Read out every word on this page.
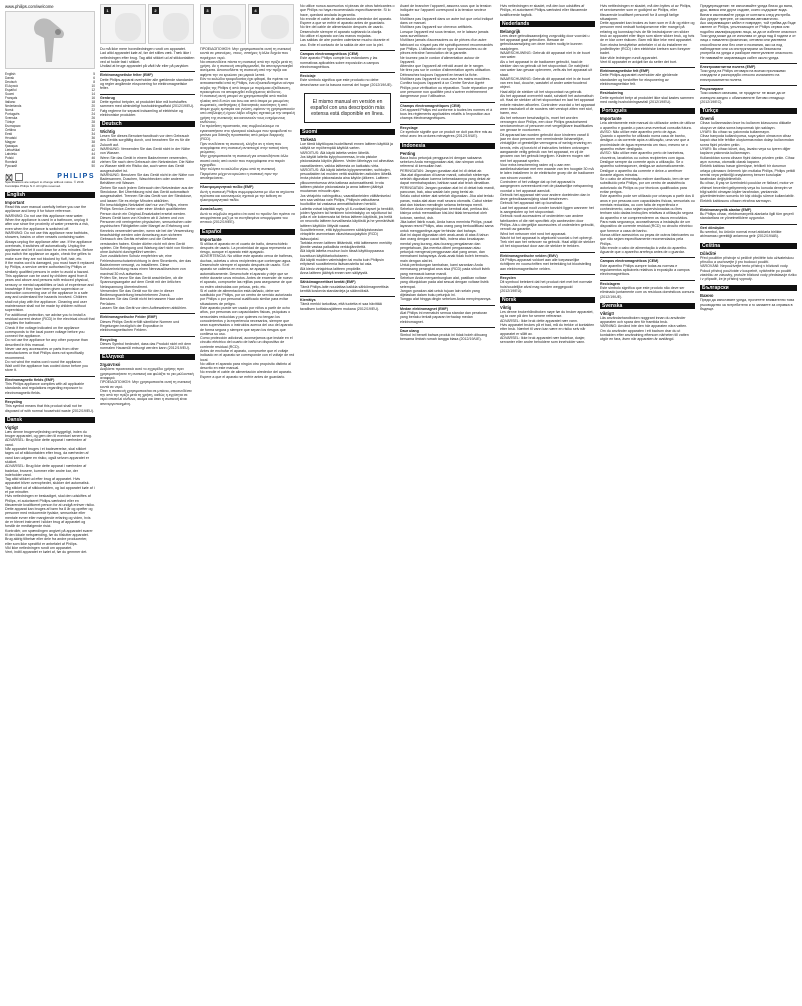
www.philips.com/welcome
English	5
Dansk	6
Deutsch	8
Ελληνικά	10
Español	12
Suomi	14
Français	16
Italiano	18
Nederlands	20
Norsk	22
Português	24
Svenska	26
Türkçe	28
Български	30
Čeština	32
Eesti	34
Hrvatski	36
Magyar	38
Қазақша	40
Lietuviškai	42
Latviešu	44
Polski	46
Română	48
Русский	50
PHILIPS
Specifications are subject to change without notice. © 2016 Koninklijke Philips N.V. All rights reserved.
English
Important
Read this user manual carefully before you use the appliance and keep it for future reference.
WARNING: Do not use this appliance near water.
When the appliance is used in a bathroom, unplug it after use since the proximity of water presents a risk, even when the appliance is switched off.
WARNING: Do not use this appliance near bathtubs, showers, basins or other vessels containing water.
Always unplug the appliance after use. If the appliance overheats, it switches off automatically. Unplug the appliance and let it cool down for a few minutes. Before you switch the appliance on again, check the grilles to make sure they are not blocked by fluff, hair, etc.
If the mains cord is damaged, you must have it replaced by Philips, a service centre authorised by Philips or similarly qualified persons in order to avoid a hazard.
This appliance can be used by children aged from 8 years and above and persons with reduced physical, sensory or mental capabilities or lack of experience and knowledge if they have been given supervision or instruction concerning use of the appliance in a safe way and understand the hazards involved. Children shall not play with the appliance. Cleaning and user maintenance shall not be made by children without supervision.
For additional protection, we advise you to install a residual current device (RCD) in the electrical circuit that supplies the bathroom.
Check if the voltage indicated on the appliance corresponds to the local power voltage before you connect the appliance.
Do not use the appliance for any other purpose than described in this manual.
Never use any accessories or parts from other manufacturers or that Philips does not specifically recommend.
Do not wind the mains cord round the appliance.
Wait until the appliance has cooled down before you store it.
Electromagnetic fields (EMF)
This Philips appliance complies with all applicable standards and regulations regarding exposure to electromagnetic fields.
Recycling
This symbol means that this product shall not be disposed of with normal household waste (2012/19/EU).
Dansk
Vigtigt
Læs denne brugervejledning omhyggeligt, inden du bruger apparatet, og gem den til eventuel senere brug.
ADVARSEL: Brug ikke dette apparat i nærheden af vand.
Når apparatet bruges i et badeværelse, skal stikket tages ud af stikkontakten efter brug, da nærheden af vand kan udgøre en risiko, også selvom apparatet er slukket.
ADVARSEL: Brug ikke dette apparat i nærheden af badekar, brusere, kummer eller andre kar, der indeholder vand.
Tag altid stikket ud efter brug af apparatet. Hvis apparatet bliver overophedet, slukker det automatisk. Tag stikket ud af stikkontakten, og lad apparatet køle af i et par minutter.
Hvis netledningen er beskadiget, skal den udskiftes af Philips, et autoriseret Philips-værksted eller en tilsvarende kvalificeret person for at undgå enhver risiko.
Dette apparat kan bruges af børn fra 8 år og opefter og personer med reducerede fysiske, sensoriske eller mentale evner eller manglende erfaring og viden, hvis de er blevet instrueret i sikker brug af apparatet og forstår de medfølgende risici.
Kontrollér, om spændingen angivet på apparatet svarer til den lokale netspænding, før du tilslutter apparatet.
Brug aldrig tilbehør eller dele fra andre producenter, eller som ikke specifikt er anbefalet af Philips.
Vikl ikke netledningen rundt om apparatet.
Vent, indtil apparatet er kølet af, før du gemmer det.
1	2
Du må ikke mere hovedledningen rundt om apparatet.
Lad altid apparatet køle af, før det stilles væk. Træk ikke i netledningen efter brug. Tag altid stikket ud af stikkontakten ved at holde fast i stikket.
Undlad at bruge apparatet på vådt hår eller på parykker.
Elektromagnetiske felter (EMF)
Dette Philips-apparat overholder alle gældende standarder og regler angående eksponering for elektromagnetiske felter.
Genbrug
Dette symbol betyder, at produktet ikke må bortskaffes sammen med almindeligt husholdningsaffald (2012/19/EU). Følg reglerne for separat indsamling af elektriske og elektroniske produkter.
Deutsch
Wichtig
Lesen Sie dieses Benutzerhandbuch vor dem Gebrauch des Geräts sorgfältig durch, und bewahren Sie es für die Zukunft auf.
WARNUNG: Verwenden Sie das Gerät nicht in der Nähe von Wasser.
Wenn Sie das Gerät in einem Badezimmer verwenden, ziehen Sie nach dem Gebrauch den Netzstecker. Die Nähe zu Wasser stellt ein Risiko dar, auch wenn das Gerät ausgeschaltet ist.
WARNUNG: Benutzen Sie das Gerät nicht in der Nähe von Badewannen, Duschen, Waschbecken oder anderen Behältern mit Wasser.
Ziehen Sie nach jedem Gebrauch den Netzstecker aus der Steckdose. Bei Überhitzung wird das Gerät automatisch ausgeschaltet. Trennen Sie das Gerät von der Steckdose, und lassen Sie es einige Minuten abkühlen.
Ein beschädigtes Netzkabel darf nur von Philips, einem Philips Service-Center oder einer ähnlich qualifizierten Person durch ein Original-Ersatzkabel ersetzt werden.
Dieses Gerät kann von Kindern ab 8 Jahren und von Personen mit verringerten physischen, sensorischen oder psychischen Fähigkeiten oder Mangel an Erfahrung und Kenntnis verwendet werden, wenn sie bei der Verwendung beaufsichtigt werden oder Anweisung zum sicheren Gebrauch des Geräts erhalten und die Gefahren verstanden haben. Kinder dürfen nicht mit dem Gerät spielen. Die Reinigung und Wartung darf nicht von Kindern ohne Aufsicht durchgeführt werden.
Zum zusätzlichen Schutz empfehlen wir, eine Fehlerstromschutzeinrichtung in dem Stromkreis, der das Badezimmer versorgt, zu installieren. Diese Schutzeinrichtung muss einen Nennauslösestrom von maximal 30 mA aufweisen.
Prüfen Sie, bevor Sie das Gerät anschließen, ob die Spannungsangabe auf dem Gerät mit der örtlichen Netzspannung übereinstimmt.
Verwenden Sie das Gerät nur für den in dieser Bedienungsanleitung beschriebenen Zweck.
Benutzen Sie das Gerät nicht bei nassem Haar oder Perücken.
Lassen Sie das Gerät vor dem Aufbewahren abkühlen.
Elektromagnetische Felder (EMF)
Dieses Philips Gerät erfüllt sämtliche Normen und Regelungen bezüglich der Exposition in elektromagnetischen Feldern.
Recycling
Dieses Symbol bedeutet, dass das Produkt nicht mit dem normalen Hausmüll entsorgt werden kann (2012/19/EU).
Ελληνικά
Σημαντικό
Διαβάστε προσεκτικά αυτό το εγχειρίδιο χρήσης πριν χρησιμοποιήσετε τη συσκευή και φυλάξτε το για μελλοντική αναφορά.
ΠΡΟΕΙΔΟΠΟΙΗΣΗ: Μην χρησιμοποιείτε αυτή τη συσκευή κοντά σε νερό.
Όταν η συσκευή χρησιμοποιείται σε μπάνιο, αποσυνδέστε την από την πρίζα μετά τη χρήση, καθώς η εγγύτητα σε νερό αποτελεί κίνδυνο, ακόμα και όταν η συσκευή είναι απενεργοποιημένη.
3	4
ΠΡΟΕΙΔΟΠΟΙΗΣΗ: Μην χρησιμοποιείτε αυτή τη συσκευή κοντά σε μπανιέρες, ντους, νιπτήρες ή άλλα δοχεία που περιέχουν νερό.
Να αποσυνδέετε πάντα τη συσκευή από την πρίζα μετά τη χρήση. Αν η συσκευή υπερθερμανθεί, θα απενεργοποιηθεί αυτόματα. Αποσυνδέστε τη συσκευή από την πρίζα και αφήστε την να κρυώσει για μερικά λεπτά.
Εάν το καλώδιο τροφοδοσίας έχει φθαρεί, θα πρέπει να αντικατασταθεί από τη Philips, ένα εξουσιοδοτημένο κέντρο σέρβις της Philips ή από άτομα με παρόμοια εξειδίκευση, προκειμένου να αποφευχθεί ενδεχόμενος κίνδυνος.
Η συσκευή αυτή μπορεί να χρησιμοποιηθεί από παιδιά ηλικίας από 8 ετών και άνω και από άτομα με μειωμένες σωματικές, αισθητήριες ή διανοητικές ικανότητες ή από άτομα χωρίς εμπειρία και γνώση, εφόσον τη χρησιμοποιούν υπό επίβλεψη ή έχουν λάβει οδηγίες σχετικά με την ασφαλή χρήση της συσκευής και κατανοούν τους ενεχόμενους κινδύνους.
Για πρόσθετη προστασία, σας συμβουλεύουμε να εγκαταστήσετε στο ηλεκτρικό κύκλωμα που τροφοδοτεί το μπάνιο μια διάταξη προστασίας από ρεύμα διαρροής (RCD).
Πριν συνδέσετε τη συσκευή, ελέγξτε αν η τάση που αναγράφεται στη συσκευή αντιστοιχεί στην τοπική τάση ρεύματος.
Μην χρησιμοποιείτε τη συσκευή για οποιονδήποτε άλλο σκοπό εκτός από αυτόν που περιγράφεται στο παρόν εγχειρίδιο.
Μην τυλίγετε το καλώδιο γύρω από τη συσκευή.
Περιμένετε μέχρι να κρυώσει η συσκευή πριν την αποθηκεύσετε.
Ηλεκτρομαγνητικά πεδία (EMF)
Αυτή η συσκευή Philips συμμορφώνεται με όλα τα ισχύοντα πρότυπα και κανονισμούς σχετικά με την έκθεση σε ηλεκτρομαγνητικά πεδία.
Ανακύκλωση
Αυτό το σύμβολο σημαίνει ότι αυτό το προϊόν δεν πρέπει να απορρίπτεται μαζί με τα συνηθισμένα απορρίμματα του σπιτιού (2012/19/ΕΕ).
Español
Importante
Si utiliza el aparato en el cuarto de baño, desenchúfelo después de usarlo. La proximidad de agua representa un riesgo, aunque el aparato esté apagado.
ADVERTENCIA: No utilice este aparato cerca de bañeras, duchas, cubetas u otros recipientes que contengan agua.
Desenchufe siempre el aparato después de usarlo. Si el aparato se calienta en exceso, se apagará automáticamente. Desenchufe el aparato y deje que se enfríe durante unos minutos. Antes de encender de nuevo el aparato, compruebe las rejillas para asegurarse de que no estén obstruidas con pelusa, pelo, etc.
Si el cable de alimentación está dañado, debe ser sustituido por Philips, por un centro de servicio autorizado por Philips o por personal cualificado similar para evitar situaciones de peligro.
Este aparato puede ser usado por niños a partir de ocho años, por personas con capacidades físicas, psíquicas o sensoriales reducidas y por quienes no tengan los conocimientos y la experiencia necesarios, siempre que sean supervisados o instruidos acerca del uso del aparato de forma segura y siempre que sepan los riesgos que conlleva su uso.
Como protección adicional, aconsejamos que instale en el circuito eléctrico del cuarto de baño un dispositivo de corriente residual (RCD).
Antes de enchufar el aparato, compruebe que el voltaje indicado en el aparato se corresponde con el voltaje de red local.
No utilice el aparato para ningún otro propósito distinto al descrito en este manual.
No enrolle el cable de alimentación alrededor del aparato.
Espere a que el aparato se enfríe antes de guardarlo.
No utilice nunca accesorios ni piezas de otros fabricantes o que Philips no haya recomendado específicamente. Si lo hace, quedará anulada la garantía.
No enrolle el cable de alimentación alrededor del aparato.
Espere a que se enfríe el aparato antes de guardarlo.
No tire del cable de alimentación después de usarlo. Desenchufe siempre el aparato sujetando la clavija.
No utilice el aparato con las manos mojadas.
Las salidas de aire pueden calentarse mucho durante el uso. Evite el contacto de la salida de aire con la piel.
Campos electromagnéticos (CEM)
Este aparato Philips cumple los estándares y las normativas aplicables sobre exposición a campos electromagnéticos.
Reciclaje
Este símbolo significa que este producto no debe desecharse con la basura normal del hogar (2012/19/UE).
El mismo manual en versión en español con una descripción más extensa está disponible en línea.
Suomi
Tärkeää
Lue tämä käyttöopas huolellisesti ennen laitteen käyttöä ja säilytä se myöhempää käyttöä varten.
VAROITUS: Älä käytä laitetta veden lähellä.
Jos käytät laitetta kylpyhuoneessa, irrota pistoke pistorasiasta käytön jälkeen. Veden läheisyys voi aiheuttaa vaaratilanteen, vaikka laitteesta on katkaistu virta.
VAROITUS: Älä käytä laitetta kylpyammeiden, suihkujen, pesualtaiden tai muiden vettä sisältävien astioiden lähellä.
Irrota pistoke pistorasiasta aina käytön jälkeen. Laitteen ylikuumentuessa virta katkeaa automaattisesti. Irrota laitteen pistoke pistorasiasta ja anna laitteen jäähtyä muutaman minuutin ajan.
Jos virtajohto vahingoittuu, vaaratilanteiden välttämiseksi sen saa vaihtaa vain Philips, Philipsin valtuuttama huoltoliike tai vastaava ammattitaitoinen henkilö.
Laitetta voivat käyttää myös yli 8-vuotiaat lapset ja henkilöt, joiden fyysinen tai henkinen toimintakyky on rajoittunut tai joilla ei ole kokemusta tai tietoa laitteen käytöstä, jos heitä on neuvottu laitteen turvallisesta käytöstä ja he ymmärtävät laitteen käyttöön liittyvät vaarat.
Suosittelemme, että kylpyhuoneen sähköpistorasian virtapiiriin asennetaan vikavirtasuojakytkin (RCD) lisäsuojaksi.
Tarkista ennen laitteen liittämistä, että laitteeseen merkitty jännite vastaa paikallista verkkojännitettä.
Älä käytä laitetta muuhun kuin tässä käyttöoppaassa kuvattuun käyttötarkoitukseen.
Älä käytä muiden valmistajien tai muita kuin Philipsin erityisesti suosittelemia lisävarusteita tai osia.
Älä kiedo virtajohtoa laitteen ympärille.
Anna laitteen jäähtyä ennen sen säilytystä.
Sähkömagneettiset kentät (EMF)
Tämä Philips-laite noudattaa kaikkia sähkömagneettisia kenttiä koskevia standardeja ja säännöksiä.
Kierrätys
Tämä merkki tarkoittaa, että tuotetta ei saa hävittää tavallisen kotitalousjätteen mukana (2012/19/EU).
Avant de brancher l'appareil, assurez-vous que la tension indiquée sur l'appareil correspond à la tension secteur locale.
N'utilisez pas l'appareil dans un autre but que celui indiqué dans ce manuel.
N'utilisez pas l'appareil sur cheveux artificiels.
Lorsque l'appareil est sous tension, ne le laissez jamais sans surveillance.
N'utilisez jamais d'accessoires ou de pièces d'un autre fabricant ou n'ayant pas été spécifiquement recommandés par Philips. L'utilisation de ce type d'accessoires ou de pièces entraîne l'annulation de la garantie.
Ne tournez pas le cordon d'alimentation autour de l'appareil.
Attendez que l'appareil ait refroidi avant de le ranger.
Ne tirez pas sur le cordon d'alimentation après utilisation. Débranchez toujours l'appareil en tenant la fiche.
N'utilisez pas l'appareil si vous avez les mains mouillées.
Confiez toujours l'appareil à un Centre Service Agréé Philips pour vérification ou réparation. Toute réparation par une personne non qualifiée peut s'avérer extrêmement dangereuse pour l'utilisateur.
Champs électromagnétiques (CEM)
Cet appareil Philips est conforme à toutes les normes et à tous les règlements applicables relatifs à l'exposition aux champs électromagnétiques.
Recyclage
Ce symbole signifie que ce produit ne doit pas être mis au rebut avec les ordures ménagères (2012/19/UE).
Indonesia
Penting
Baca buku petunjuk pengguna ini dengan saksama sebelum Anda menggunakan alat, dan simpan untuk referensi di kemudian hari.
PERINGATAN: Jangan gunakan alat ini di dekat air.
Jika alat digunakan di kamar mandi, cabutlah stekernya setelah digunakan karena keberadaannya yang dekat air dapat membahayakan, bahkan saat alat telah dimatikan.
PERINGATAN: Jangan gunakan alat ini di dekat bak mandi, pancuran, bak, atau wadah lain yang berisi air.
Selalu cabut steker alat setelah digunakan. Jika alat terlalu panas, maka alat akan mati secara otomatis. Cabut steker alat dan biarkan mendingin selama beberapa menit. Sebelum Anda menghidupkan kembali alat, periksa kisi-kisinya untuk memastikan kisi-kisi tidak tersumbat oleh kotoran, rambut, dsb.
Jika kabel listrik rusak, Anda harus meminta Philips, pusat layanan resmi Philips, atau orang yang berkualifikasi sama untuk menggantinya agar terhindar dari bahaya.
Alat ini dapat digunakan oleh anak-anak di atas 8 tahun dan orang dengan cacat fisik, indera atau kecakapan mental yang kurang, atau kurang pengalaman dan pengetahuan, jika mereka diberi pengawasan atau petunjuk mengenai penggunaan alat yang aman, dan memahami bahayanya. Anak-anak tidak boleh bermain-main dengan alat ini.
Untuk perlindungan tambahan, kami sarankan Anda memasang perangkat arus sisa (RCD) pada sirkuit listrik yang memasok kamar mandi.
Sebelum Anda menyambungkan alat, pastikan voltase yang ditunjukkan pada alat sesuai dengan voltase listrik setempat.
Jangan gunakan alat untuk tujuan lain selain yang dijelaskan dalam buku petunjuk ini.
Tunggu alat hingga dingin sebelum Anda menyimpannya.
Medan elektromagnet (EMF)
Alat Philips ini mematuhi semua standar dan peraturan yang berlaku terkait paparan terhadap medan elektromagnet.
Daur ulang
Simbol ini berarti bahwa produk ini tidak boleh dibuang bersama limbah rumah tangga biasa (2012/19/UE).
Hvis netledningen er skadet, må den kun udskiftes af Philips, et autoriseret Philips-værksted eller tilsvarende kvalificerede fagfolk.
Nederlands
Belangrijk
Lees deze gebruiksaanwijzing zorgvuldig door voordat u het apparaat gaat gebruiken. Bewaar de gebruiksaanwijzing om deze indien nodig te kunnen raadplegen.
WAARSCHUWING: Gebruik dit apparaat niet in de buurt van water.
Als u het apparaat in de badkamer gebruikt, haal de stekker dan na gebruik uit het stopcontact. De nabijheid van water kan gevaar opleveren, zelfs als het apparaat uit staat.
WAARSCHUWING: Gebruik dit apparaat niet in de buurt van een bad, douche, wastafel of ander waterhoudend object.
Haal altijd de stekker uit het stopcontact na gebruik.
Als het apparaat oververhit raakt, schakelt het automatisch uit. Haal de stekker uit het stopcontact en laat het apparaat enkele minuten afkoelen. Controleer voordat u het apparaat weer inschakelt of de roosters niet verstopt zitten met stof, haren, enz.
Als het netsnoer beschadigd is, moet het worden vervangen door Philips, een door Philips geautoriseerd servicecentrum of personen met vergelijkbare kwalificaties om gevaar te voorkomen.
Dit apparaat kan worden gebruikt door kinderen vanaf 8 jaar en door personen met verminderde lichamelijke, zintuiglijke of geestelijke vermogens of weinig ervaring en kennis, mits zij toezicht of instructies hebben ontvangen aangaande veilig gebruik van het apparaat, en zij de gevaren van het gebruik begrijpen. Kinderen mogen niet met het apparaat spelen.
Voor extra bescherming raden wij u aan een aardlekschakelaar met een waarde van ten hoogste 30 mA te laten installeren in de elektrische groep die de badkamer van stroom voorziet.
Controleer of het voltage dat op het apparaat is aangegeven overeenkomt met de plaatselijke netspanning voordat u het apparaat aansluit.
Gebruik het apparaat niet voor andere doeleinden dan in deze gebruiksaanwijzing staat beschreven.
Gebruik het apparaat niet op kunsthaar.
Laat het apparaat nooit zonder toezicht liggen wanneer het is aangesloten op het stopcontact.
Gebruik nooit accessoires of onderdelen van andere fabrikanten of die niet specifiek zijn aanbevolen door Philips. Als u dergelijke accessoires of onderdelen gebruikt, vervalt uw garantie.
Wind het netsnoer niet rond het apparaat.
Wacht tot het apparaat is afgekoeld voordat u het opbergt.
Trek niet aan het netsnoer na gebruik. Haal altijd de stekker uit het stopcontact door aan de stekker te trekken.
Elektromagnetische velden (EMV)
Dit Philips-apparaat voldoet aan alle toepasselijke richtlijnen en voorschriften met betrekking tot blootstelling aan elektromagnetische velden.
Recyclen
Dit symbool betekent dat het product niet met het normale huishoudelijke afval mag worden weggegooid (2012/19/EU).
Norsk
Viktig
Les denne brukerhåndboken nøye før du bruker apparatet, og ta vare på den for senere referanse.
ADVARSEL: Ikke bruk dette apparatet nær vann.
Hvis apparatet brukes på et bad, må du trekke ut kontakten etter bruk. Nærhet til vann kan være en risiko selv når apparatet er slått av.
ADVARSEL: Ikke bruk apparatet nær badekar, dusjer, servanter eller andre beholdere som inneholder vann.
Hvis nettledningen er skadet, må den byttes ut av Philips, et servicesenter som er godkjent av Philips, eller tilsvarende kvalifisert personell for å unngå farlige situasjoner.
Dette apparatet kan brukes av barn som er 8 år og eldre og personer med nedsatt funksjonsevne eller mangel på erfaring og kunnskap hvis de får instruksjoner om sikker bruk av apparatet eller tilsyn som sikrer sikker bruk, og hvis de er klar over risikoen. Barn må ikke leke med apparatet.
Som ekstra beskyttelse anbefaler vi at du installerer en jordfeilbryter (RCD) i den elektriske kretsen som forsyner badet.
Ikke vikle ledningen rundt apparatet.
Vent til apparatet er avkjølt før du setter det bort.
Elektromagnetiske felt (EMF)
Dette Philips-apparatet overholder alle gjeldende standarder og forskrifter for eksponering av elektromagnetiske felt.
Resirkulering
Dette symbolet betyr at produktet ikke skal kastes sammen med vanlig husholdningsavfall (2012/19/EU).
Português
Importante
Leia atentamente este manual do utilizador antes de utilizar o aparelho e guarde-o para uma eventual consulta futura.
AVISO: Não utilize este aparelho perto de água.
Quando o aparelho for utilizado numa casa de banho, desligue-o da corrente após a utilização, uma vez que a proximidade de água representa um risco, mesmo se o aparelho estiver desligado.
AVISO: Não utilize este aparelho perto de banheiras, chuveiros, lavatórios ou outros recipientes com água.
Desligue sempre da corrente após a utilização. Se o aparelho sobreaquecer, desliga-se automaticamente. Desligue o aparelho da corrente e deixe-o arrefecer durante alguns minutos.
Se o cabo de alimentação estiver danificado, tem de ser substituído pela Philips, por um centro de assistência autorizado da Philips ou por técnicos qualificados para evitar perigos.
Este aparelho pode ser utilizado por crianças a partir dos 8 anos e por pessoas com capacidades físicas, sensoriais ou mentais reduzidas, ou com falta de experiência e conhecimento, caso sejam supervisionadas ou lhes tenham sido dadas instruções relativas à utilização segura do aparelho e se compreenderem os riscos envolvidos.
Para mais segurança, aconselhamos a instalação de um dispositivo de corrente residual (RCD) no circuito eléctrico que fornece a casa de banho.
Nunca utilize acessórios ou peças de outros fabricantes ou que não sejam especificamente recomendados pela Philips.
Não enrole o cabo de alimentação à volta do aparelho.
Aguarde que o aparelho arrefeça antes de o guardar.
Campos electromagnéticos (CEM)
Este aparelho Philips cumpre todas as normas e regulamentos aplicáveis relativos à exposição a campos electromagnéticos.
Reciclagem
Este símbolo significa que este produto não deve ser eliminado juntamente com os resíduos domésticos comuns (2012/19/UE).
Svenska
Viktigt!
Läs användarhandboken noggrant innan du använder apparaten och spara den för framtida bruk.
VARNING: Använd inte den här apparaten nära vatten.
Om du använder apparaten i ett badrum drar du ut kontakten efter användning eftersom närheten till vatten utgör en fara, även när apparaten är avstängd.
Предупреждение: не използвайте уреда близо до вана, душ, мивка или други съдове, които съдържат вода.
Винаги изключвайте уреда от контакта след употреба. Ако уредът прегрее, се изключва автоматично.
Ако захранващият кабел е повреден, той трябва да бъде сменен от Philips, упълномощен от Philips сервиз или подобно квалифицирани лица, за да се избегне опасност.
Този уред може да се използва от деца над 8 години и от лица с намалени физически, сетивни или умствени способности или без опит и познания, ако са под наблюдение или са инструктирани за безопасна употреба на уреда и разбират евентуалните опасности.
Не навивайте захранващия кабел около уреда.
Електромагнитни полета (EMF)
Този уред на Philips отговаря на всички приложими стандарти и разпоредби относно излагането на електромагнитни полета.
Рециклиране
Този символ означава, че продуктът не може да се изхвърля заедно с обикновените битови отпадъци (2012/19/ЕС).
Türkçe
Önemli
Cihazı kullanmadan önce bu kullanım kılavuzunu dikkatle okuyun ve daha sonra başvurmak için saklayın.
UYARI: Bu cihazı su yakınında kullanmayın.
Cihaz banyoda kullanılıyorsa, suya yakın olmasının cihaz kapalı olsa bile tehlike oluşturmasından dolayı kullanımdan sonra fişini prizden çekin.
UYARI: Bu cihazı küvet, duş, lavabo veya su içeren diğer kapların yakınında kullanmayın.
Kullandıktan sonra cihazın fişini daima prizden çekin. Cihaz aşırı ısınırsa, otomatik olarak kapanır.
Elektrik kablosu hasar görmüşse, tehlikeli bir durumun ortaya çıkmasını önlemek için mutlaka Philips, Philips yetkili servisi veya yetkinliği onaylanmış benzer kuruluşlar tarafından değiştirilmelidir.
Bu cihaz, 8 yaş ve üzerindeki çocuklar ve fiziksel, motor ve zihinsel becerileri gelişmemiş veya bu konuda deneyim ve bilgi sahibi olmayan kişiler tarafından, yanlarında gözetimlerinden sorumlu bir kişi olduğu sürece kullanılabilir.
Elektrik kablosunu cihazın etrafına sarmayın.
Elektromanyetik alanlar (EMF)
Bu Philips cihazı, elektromanyetik alanlarla ilgili tüm geçerli standartlara ve yönetmeliklere uygundur.
Geri dönüşüm
Bu sembol, bu ürünün normal evsel atıklarla birlikte atılmaması gerektiği anlamına gelir (2012/19/AB).
Čeština
Důležité
Před použitím přístroje si pečlivě přečtěte tuto uživatelskou příručku a uschovejte ji pro budoucí použití.
VAROVÁNÍ: Nepoužívejte tento přístroj v blízkosti vody.
Pokud přístroj používáte v koupelně, vytáhněte po použití zástrčku ze zásuvky, protože blízkost vody představuje riziko i v případě, že je přístroj vypnutý.
Български
Важно
Преди да използвате уреда, прочетете внимателно това ръководство за потребителя и го запазете за справка в бъдеще.
